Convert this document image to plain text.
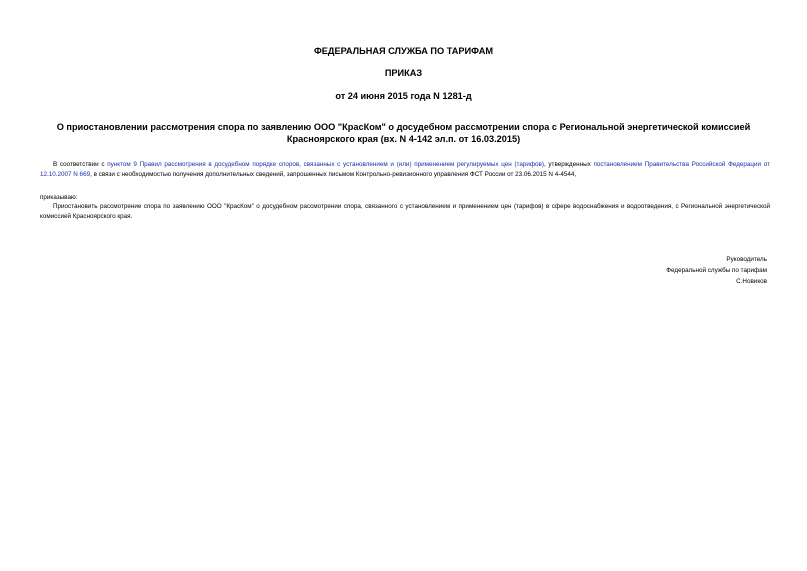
ФЕДЕРАЛЬНАЯ СЛУЖБА ПО ТАРИФАМ
ПРИКАЗ
от 24 июня 2015 года N 1281-д
О приостановлении рассмотрения спора по заявлению ООО "КрасКом" о досудебном рассмотрении спора с Региональной энергетической комиссией
Красноярского края (вх. N 4-142 эл.п. от 16.03.2015)
В соответствии с пунктом 9 Правил рассмотрения в досудебном порядке споров, связанных с установлением и (или) применением регулируемых цен (тарифов), утвержденных постановлением Правительства Российской Федерации от 12.10.2007 N 669, в связи с необходимостью получения дополнительных сведений, запрошенных письмом Контрольно-ревизионного управления ФСТ России от 23.06.2015 N 4-4544,
приказываю:
Приостановить рассмотрение спора по заявлению ООО "КрасКом" о досудебном рассмотрении спора, связанного с установлением и применением цен (тарифов) в сфере водоснабжения и водоотведения, с Региональной энергетической комиссией Красноярского края.
Руководитель
Федеральной службы по тарифам
С.Новиков
